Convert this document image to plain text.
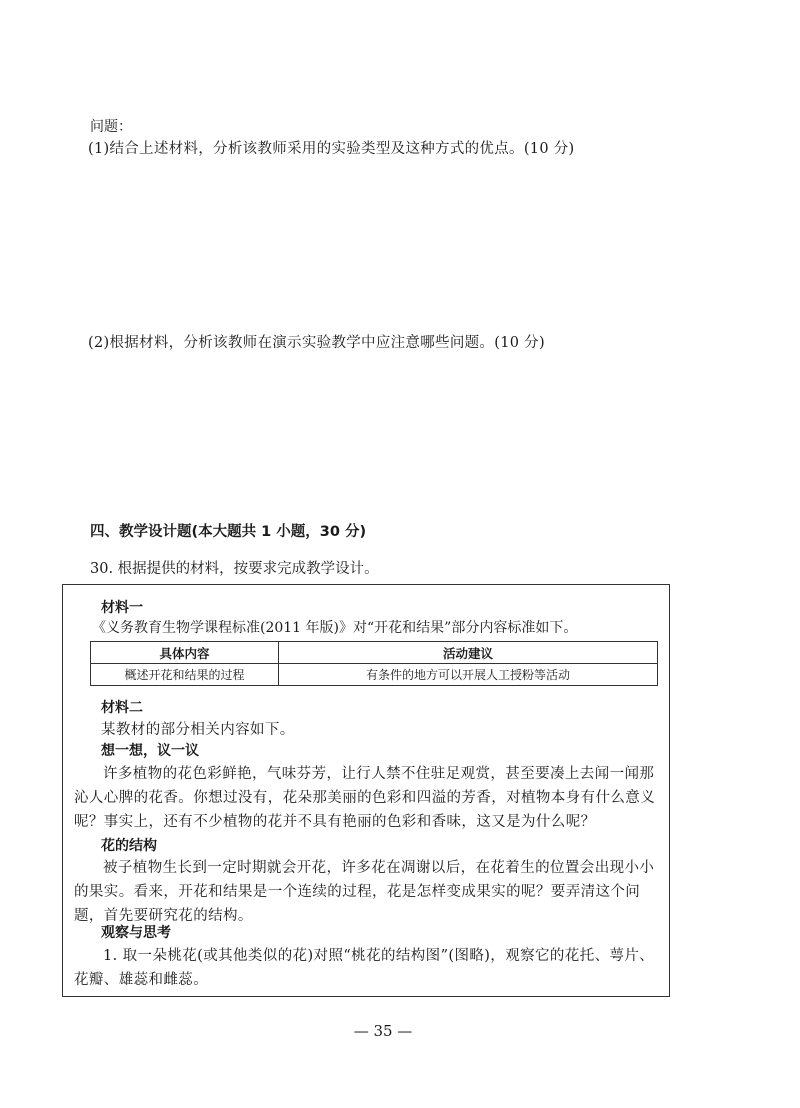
问题：
(1)结合上述材料，分析该教师采用的实验类型及这种方式的优点。(10 分)
(2)根据材料，分析该教师在演示实验教学中应注意哪些问题。(10 分)
四、教学设计题(本大题共 1 小题，30 分)
30. 根据提供的材料，按要求完成教学设计。
材料一
《义务教育生物学课程标准(2011 年版)》对“开花和结果”部分内容标准如下。
具体内容	活动建议
概述开花和结果的过程	有条件的地方可以开展人工授粉等活动
材料二
某教材的部分相关内容如下。
想一想，议一议
许多植物的花色彩鲜艳，气味芬芳，让行人禁不住驻足观赏，甚至要凑上去闻一闻那沁人心脾的花香。你想过没有，花朵那美丽的色彩和四溢的芳香，对植物本身有什么意义呢？事实上，还有不少植物的花并不具有艳丽的色彩和香味，这又是为什么呢？
花的结构
被子植物生长到一定时期就会开花，许多花在凋谢以后，在花着生的位置会出现小小的果实。看来，开花和结果是一个连续的过程，花是怎样变成果实的呢？要弄清这个问题，首先要研究花的结构。
观察与思考
1. 取一朵桃花(或其他类似的花)对照“桃花的结构图”(图略)，观察它的花托、萼片、花瓣、雄蕊和雌蕊。
— 35 —
